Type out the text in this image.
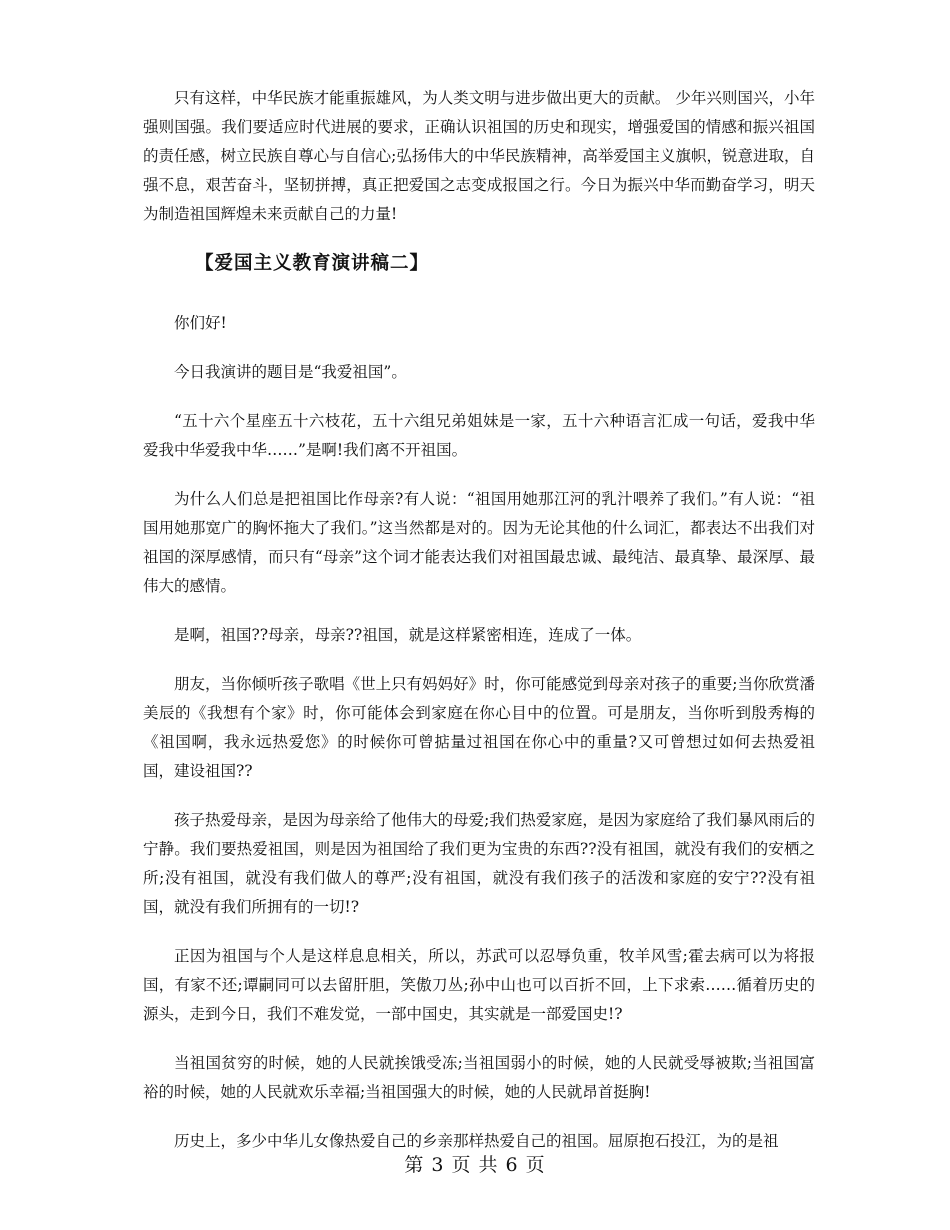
只有这样，中华民族才能重振雄风，为人类文明与进步做出更大的贡献。 少年兴则国兴，小年强则国强。我们要适应时代进展的要求，正确认识祖国的历史和现实，增强爱国的情感和振兴祖国的责任感，树立民族自尊心与自信心;弘扬伟大的中华民族精神，高举爱国主义旗帜，锐意进取，自强不息，艰苦奋斗，坚韧拼搏，真正把爱国之志变成报国之行。今日为振兴中华而勤奋学习，明天为制造祖国辉煌未来贡献自己的力量!

【爱国主义教育演讲稿二】

你们好!

今日我演讲的题目是“我爱祖国”。

“五十六个星座五十六枝花，五十六组兄弟姐妹是一家，五十六种语言汇成一句话，爱我中华爱我中华爱我中华……”是啊!我们离不开祖国。

为什么人们总是把祖国比作母亲?有人说：“祖国用她那江河的乳汁喂养了我们。”有人说：“祖国用她那宽广的胸怀拖大了我们。”这当然都是对的。因为无论其他的什么词汇，都表达不出我们对祖国的深厚感情，而只有“母亲”这个词才能表达我们对祖国最忠诚、最纯洁、最真挚、最深厚、最伟大的感情。

是啊，祖国??母亲，母亲??祖国，就是这样紧密相连，连成了一体。

朋友，当你倾听孩子歌唱《世上只有妈妈好》时，你可能感觉到母亲对孩子的重要;当你欣赏潘美辰的《我想有个家》时，你可能体会到家庭在你心目中的位置。可是朋友，当你听到殷秀梅的《祖国啊，我永远热爱您》的时候你可曾掂量过祖国在你心中的重量?又可曾想过如何去热爱祖国，建设祖国??

孩子热爱母亲，是因为母亲给了他伟大的母爱;我们热爱家庭，是因为家庭给了我们暴风雨后的宁静。我们要热爱祖国，则是因为祖国给了我们更为宝贵的东西??没有祖国，就没有我们的安栖之所;没有祖国，就没有我们做人的尊严;没有祖国，就没有我们孩子的活泼和家庭的安宁??没有祖国，就没有我们所拥有的一切!?

正因为祖国与个人是这样息息相关，所以，苏武可以忍辱负重，牧羊风雪;霍去病可以为将报国，有家不还;谭嗣同可以去留肝胆，笑傲刀丛;孙中山也可以百折不回，上下求索……循着历史的源头，走到今日，我们不难发觉，一部中国史，其实就是一部爱国史!?

当祖国贫穷的时候，她的人民就挨饿受冻;当祖国弱小的时候，她的人民就受辱被欺;当祖国富裕的时候，她的人民就欢乐幸福;当祖国强大的时候，她的人民就昂首挺胸!

历史上，多少中华儿女像热爱自己的乡亲那样热爱自己的祖国。屈原抱石投江，为的是祖

第 3 页 共 6 页
